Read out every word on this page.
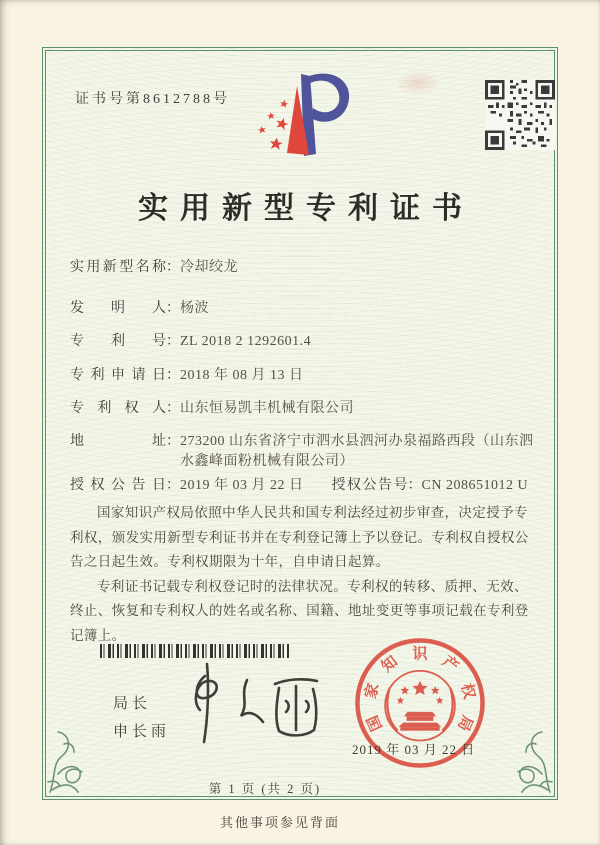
证书号第8612788号
实用新型专利证书
实用新型名称 ： 冷却绞龙
发明人 ： 杨波
专利号 ： ZL 2018 2 1292601.4
专利申请日 ： 2018 年 08 月 13 日
专利权人 ： 山东恒易凯丰机械有限公司
地址 ： 273200 山东省济宁市泗水县泗河办泉福路西段（山东泗水鑫峰面粉机械有限公司）
授权公告日 ： 2019 年 03 月 22 日 授权公告号 ： CN 208651012 U

国家知识产权局依照中华人民共和国专利法经过初步审查，决定授予专利权，颁发实用新型专利证书并在专利登记簿上予以登记。专利权自授权公告之日起生效。专利权期限为十年，自申请日起算。

专利证书记载专利权登记时的法律状况。专利权的转移、质押、无效、终止、恢复和专利权人的姓名或名称、国籍、地址变更等事项记载在专利登记簿上。

局长
申长雨	国
家
知 识 产
权
局
2019 年 03 月 22 日
第 1 页 (共 2 页)
其他事项参见背面
